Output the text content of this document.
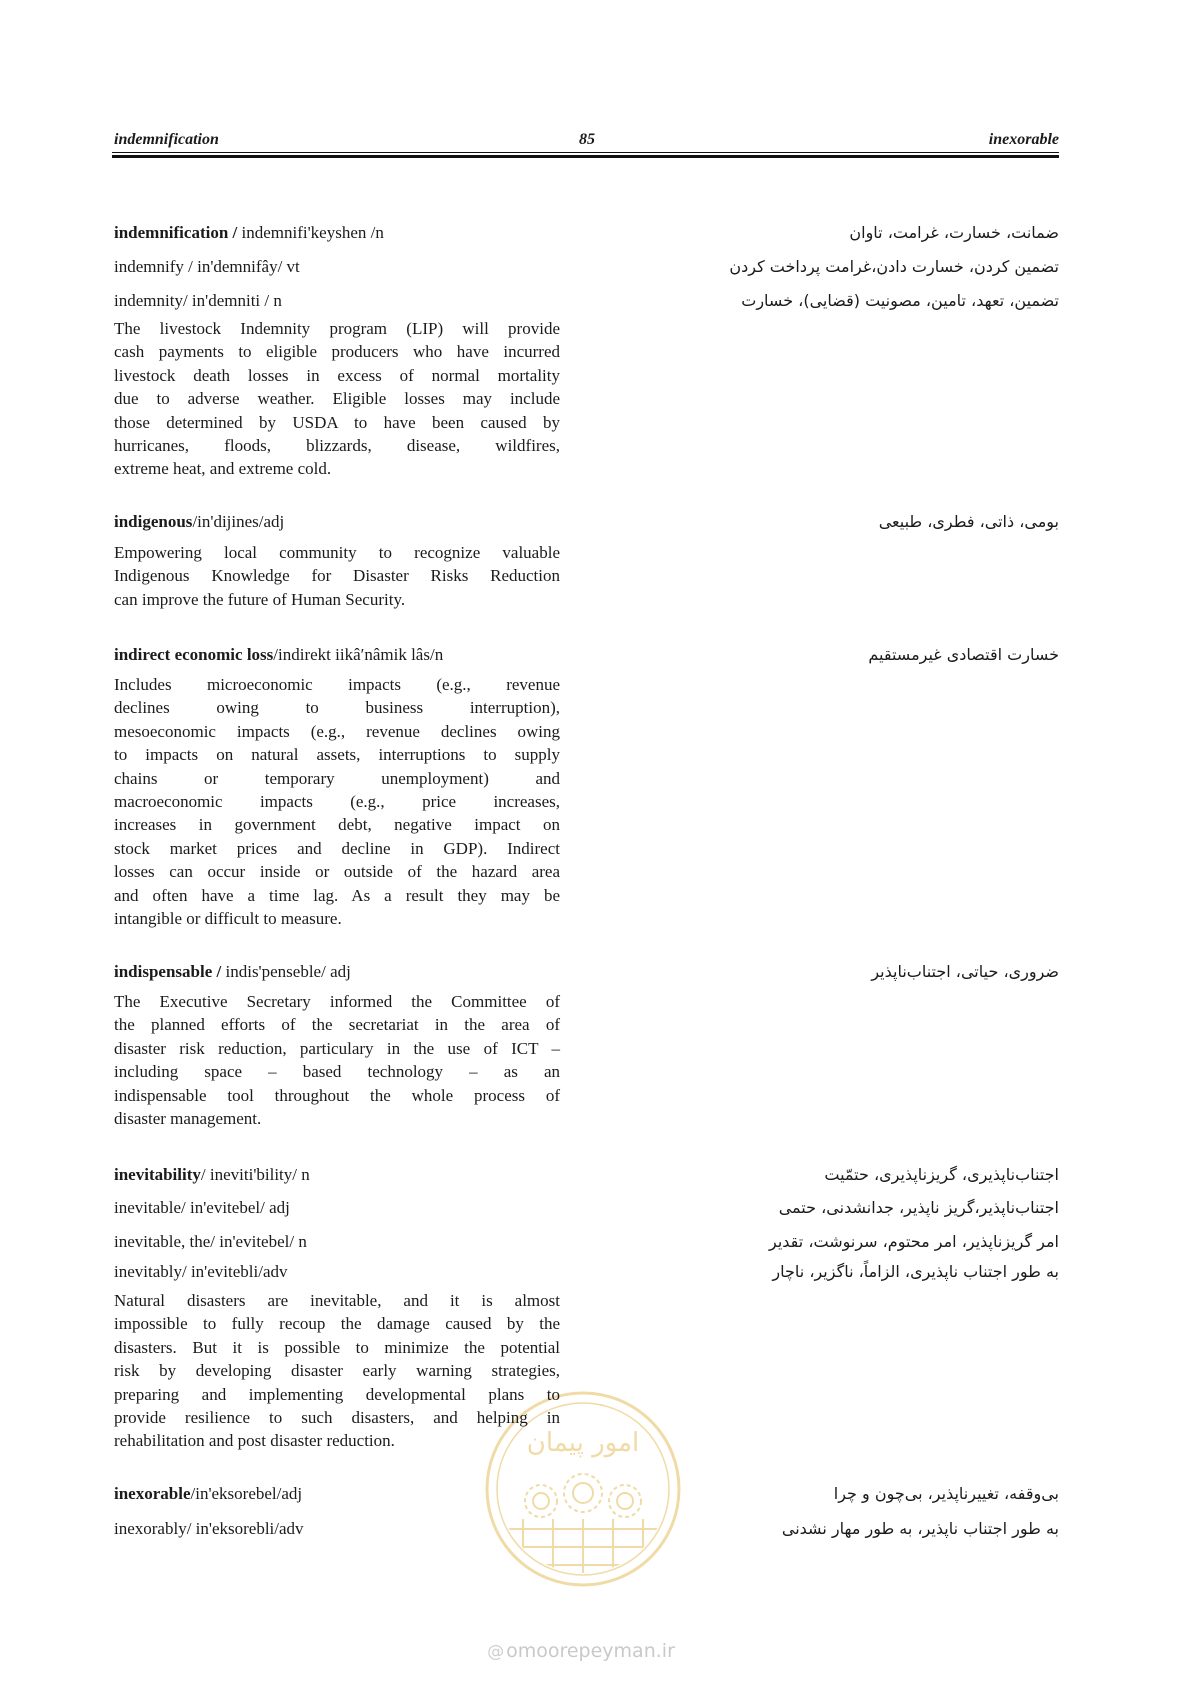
indemnification	85	inexorable
امور پیمان
indemnification / indemnifi'keyshen /n	ضمانت، خسارت، غرامت، تاوان
indemnify / in'demnifây/ vt	تضمین کردن، خسارت دادن،غرامت پرداخت کردن
indemnity/ in'demniti / n	تضمین، تعهد، تامین، مصونیت (قضایی)، خسارت
The livestock Indemnity program (LIP) will provide
cash payments to eligible producers who have incurred
livestock death losses in excess of normal mortality
due to adverse weather. Eligible losses may include
those determined by USDA to have been caused by
hurricanes, floods, blizzards, disease, wildfires,
extreme heat, and extreme cold.
indigenous/in'dijines/adj	بومی، ذاتی، فطری، طبیعی
Empowering local community to recognize valuable
Indigenous Knowledge for Disaster Risks Reduction
can improve the future of Human Security.
indirect economic loss/indirekt iikâ′nâmik lâs/n	خسارت اقتصادی غیرمستقیم
Includes microeconomic impacts (e.g., revenue
declines owing to business interruption),
mesoeconomic impacts (e.g., revenue declines owing
to impacts on natural assets, interruptions to supply
chains or temporary unemployment) and
macroeconomic impacts (e.g., price increases,
increases in government debt, negative impact on
stock market prices and decline in GDP). Indirect
losses can occur inside or outside of the hazard area
and often have a time lag. As a result they may be
intangible or difficult to measure.
indispensable / indis'penseble/ adj	ضروری، حیاتی، اجتناب‌ناپذیر
The Executive Secretary informed the Committee of
the planned efforts of the secretariat in the area of
disaster risk reduction, particulary in the use of ICT –
including space – based technology – as an
indispensable tool throughout the whole process of
disaster management.
inevitability/ ineviti'bility/ n	اجتناب‌ناپذیری، گریزناپذیری، حتمّیت
inevitable/ in'evitebel/ adj	اجتناب‌ناپذیر،گریز ناپذیر، جدانشدنی، حتمی
inevitable, the/ in'evitebel/ n	امر گریزناپذیر، امر محتوم، سرنوشت، تقدیر
inevitably/ in'evitebli/adv	به طور اجتناب ناپذیری، الزاماً، ناگزیر، ناچار
Natural disasters are inevitable, and it is almost
impossible to fully recoup the damage caused by the
disasters. But it is possible to minimize the potential
risk by developing disaster early warning strategies,
preparing and implementing developmental plans to
provide resilience to such disasters, and helping in
rehabilitation and post disaster reduction.
inexorable/in'eksorebel/adj	بی‌وقفه، تغییرناپذیر، بی‌چون و چرا
inexorably/ in'eksorebli/adv	به طور اجتناب ناپذیر، به طور مهار نشدنی
@ omoorepeyman.ir
